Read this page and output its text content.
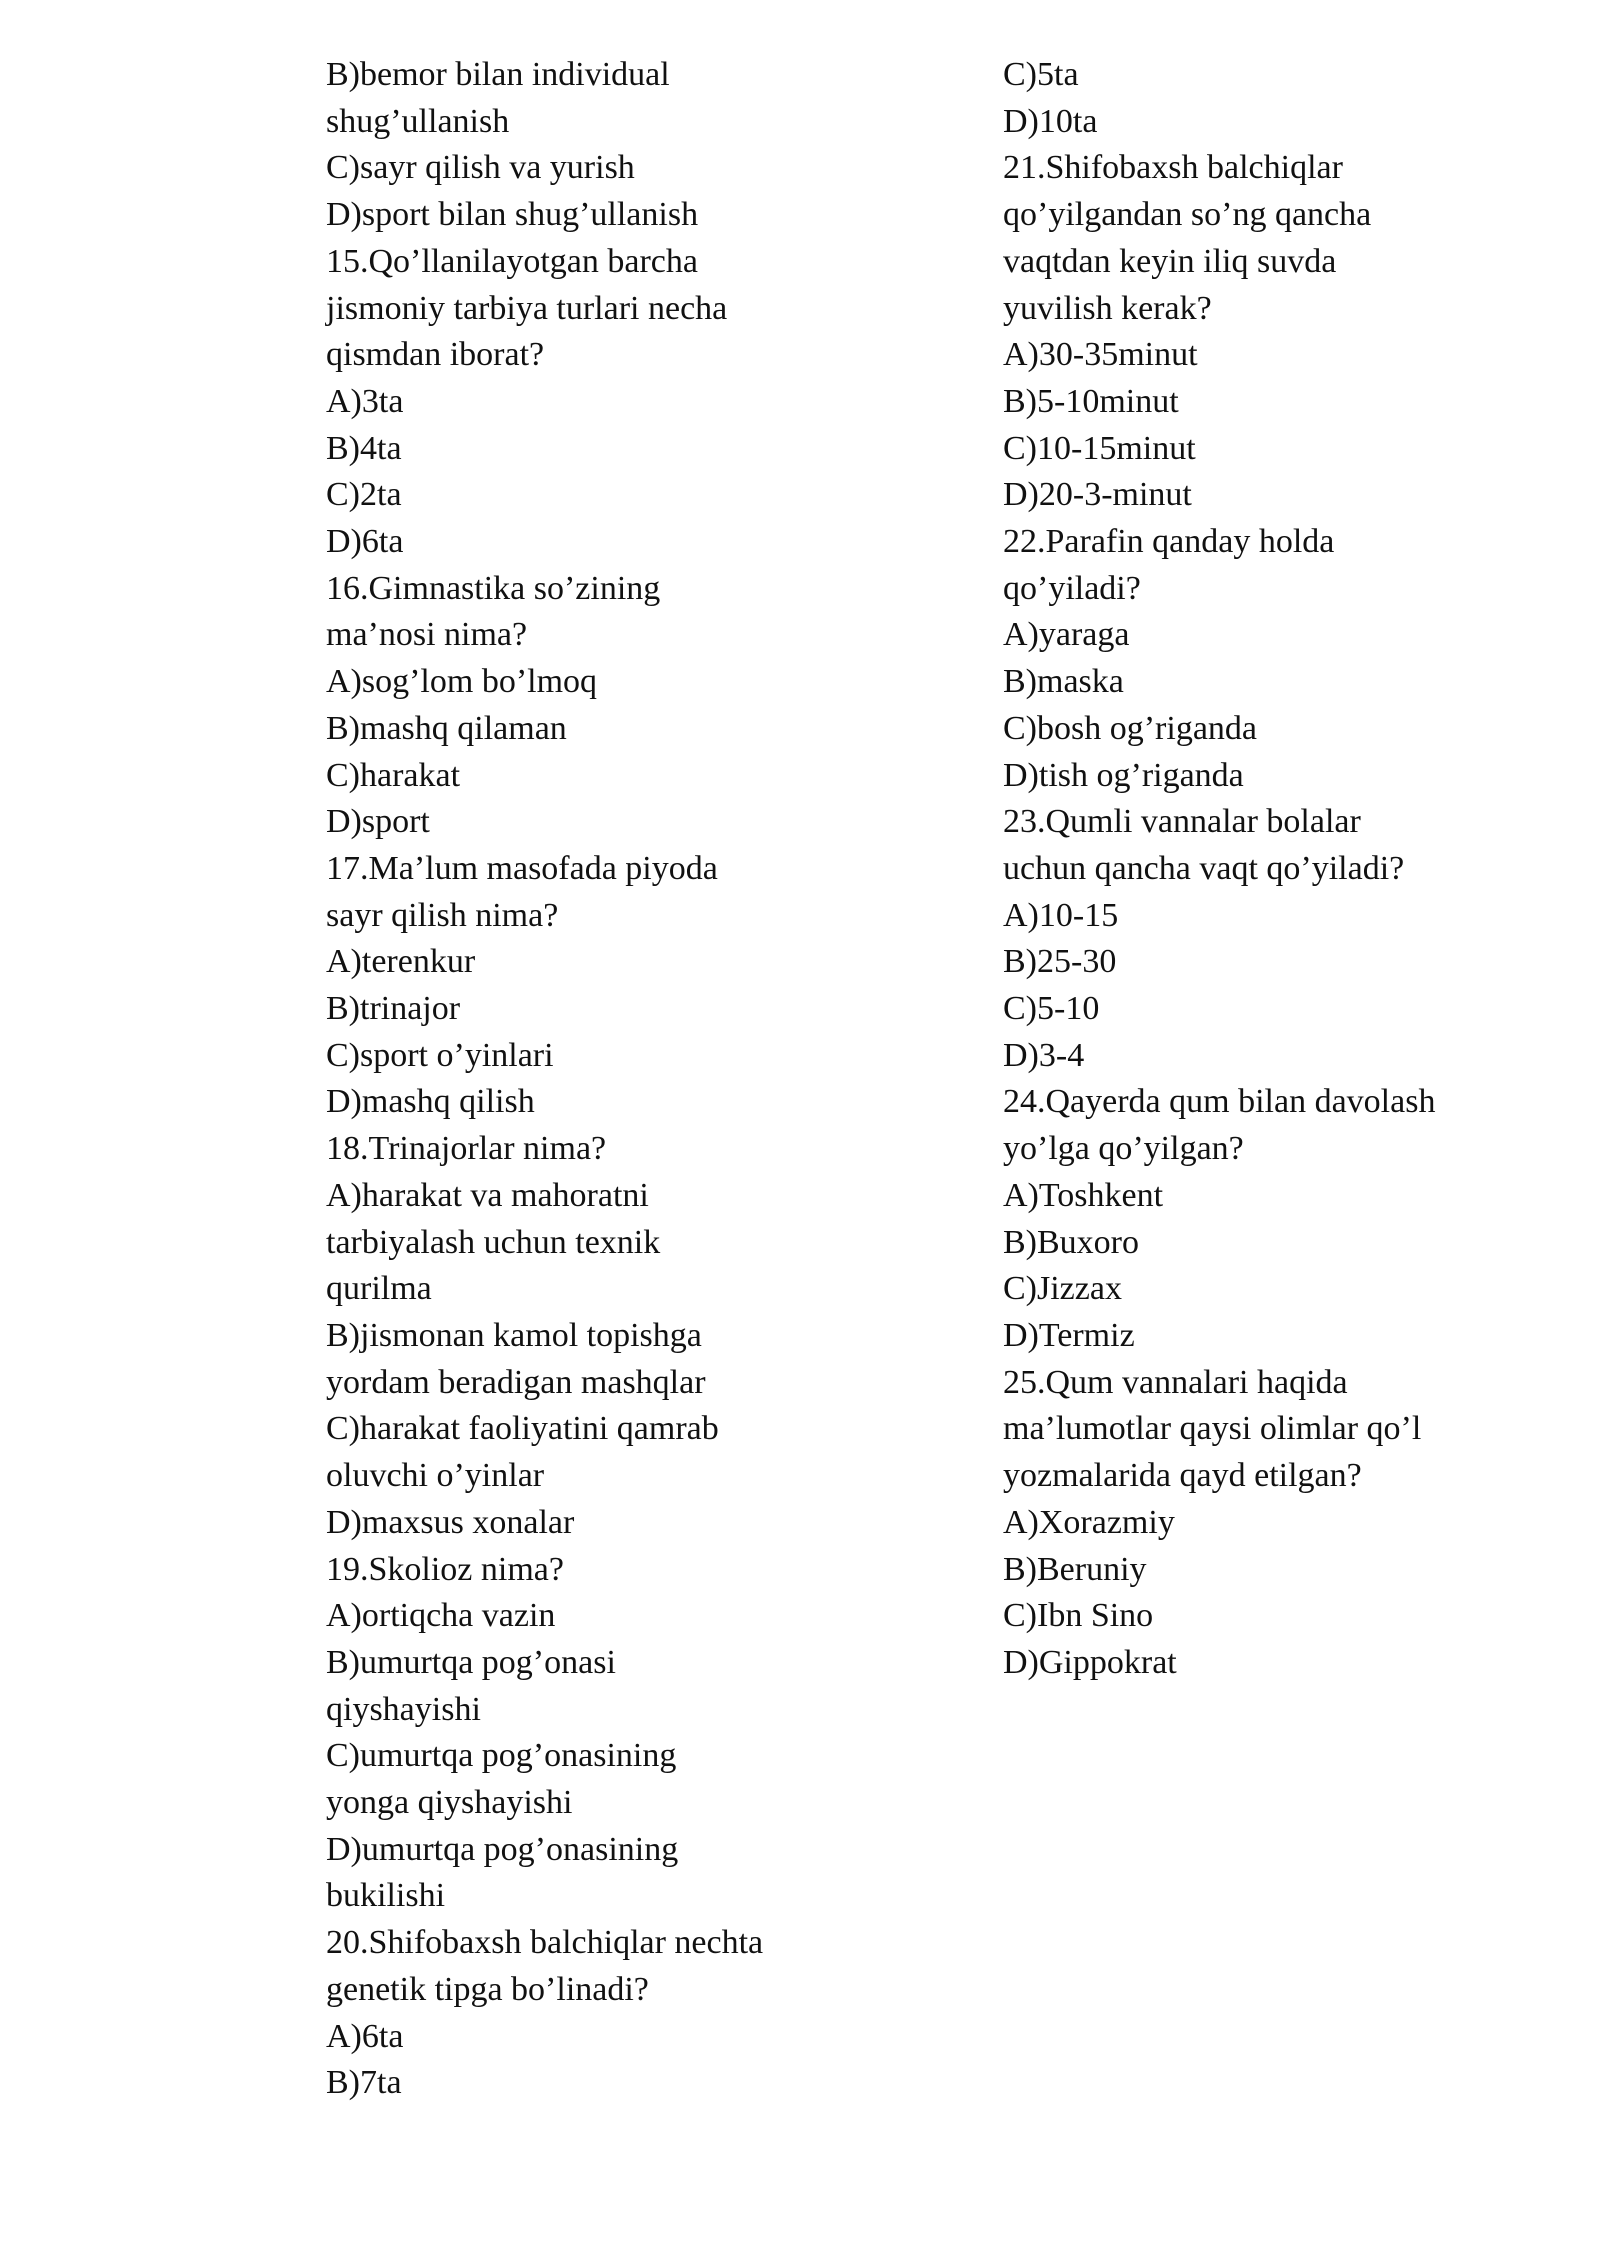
B)bemor bilan individual
shug’ullanish
C)sayr qilish va yurish
D)sport bilan shug’ullanish
15.Qo’llanilayotgan barcha
jismoniy tarbiya turlari necha
qismdan iborat?
A)3ta
B)4ta
C)2ta
D)6ta
16.Gimnastika so’zining
ma’nosi nima?
A)sog’lom bo’lmoq
B)mashq qilaman
C)harakat
D)sport
17.Ma’lum masofada piyoda
sayr qilish nima?
A)terenkur
B)trinajor
C)sport o’yinlari
D)mashq qilish
18.Trinajorlar nima?
A)harakat va mahoratni
tarbiyalash uchun texnik
qurilma
B)jismonan kamol topishga
yordam beradigan mashqlar
C)harakat faoliyatini qamrab
oluvchi o’yinlar
D)maxsus xonalar
19.Skolioz nima?
A)ortiqcha vazin
B)umurtqa pog’onasi
qiyshayishi
C)umurtqa pog’onasining
yonga qiyshayishi
D)umurtqa pog’onasining
bukilishi
20.Shifobaxsh balchiqlar nechta
genetik tipga bo’linadi?
A)6ta
B)7ta
C)5ta
D)10ta
21.Shifobaxsh balchiqlar
qo’yilgandan so’ng qancha
vaqtdan keyin iliq suvda
yuvilish kerak?
A)30-35minut
B)5-10minut
C)10-15minut
D)20-3-minut
22.Parafin qanday holda
qo’yiladi?
A)yaraga
B)maska
C)bosh og’riganda
D)tish og’riganda
23.Qumli vannalar bolalar
uchun qancha vaqt qo’yiladi?
A)10-15
B)25-30
C)5-10
D)3-4
24.Qayerda qum bilan davolash
yo’lga qo’yilgan?
A)Toshkent
B)Buxoro
C)Jizzax
D)Termiz
25.Qum vannalari haqida
ma’lumotlar qaysi olimlar qo’l
yozmalarida qayd etilgan?
A)Xorazmiy
B)Beruniy
C)Ibn Sino
D)Gippokrat
